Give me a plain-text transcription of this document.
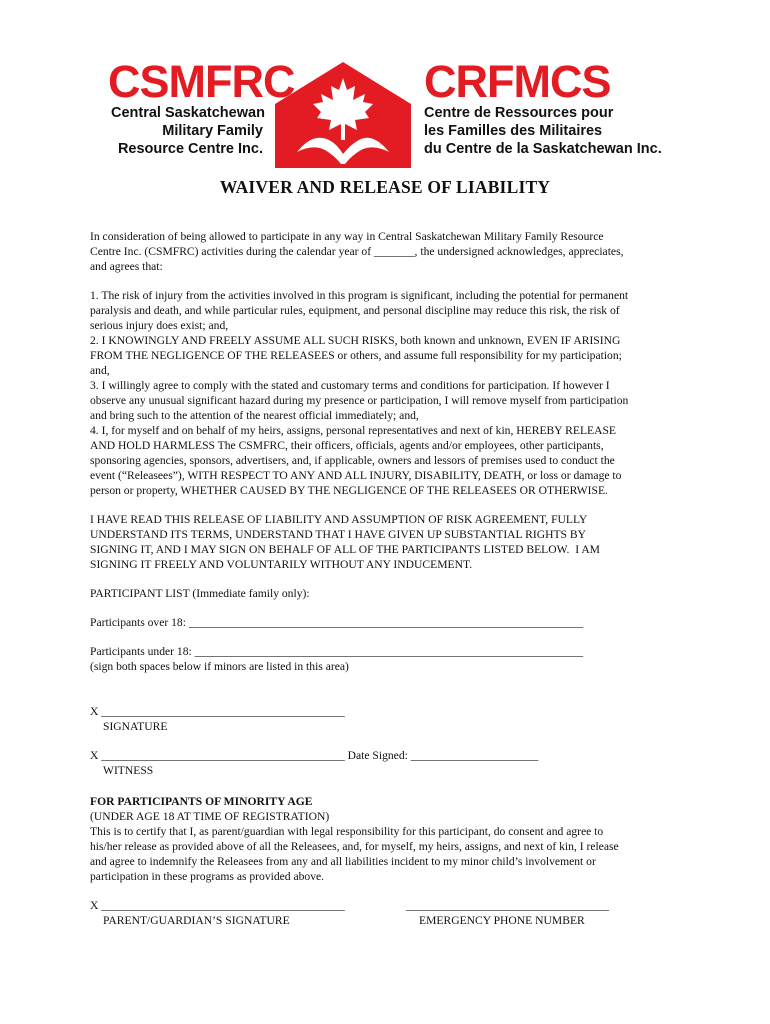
CSMFRC
Central Saskatchewan
Military Family
Resource Centre Inc.
CRFMCS
Centre de Ressources pour
les Familles des Militaires
du Centre de la Saskatchewan Inc.
WAIVER AND RELEASE OF LIABILITY

In consideration of being allowed to participate in any way in Central Saskatchewan Military Family Resource
Centre Inc. (CSMFRC) activities during the calendar year of _______, the undersigned acknowledges, appreciates,
and agrees that:

1. The risk of injury from the activities involved in this program is significant, including the potential for permanent
paralysis and death, and while particular rules, equipment, and personal discipline may reduce this risk, the risk of
serious injury does exist; and,
2. I KNOWINGLY AND FREELY ASSUME ALL SUCH RISKS, both known and unknown, EVEN IF ARISING
FROM THE NEGLIGENCE OF THE RELEASEES or others, and assume full responsibility for my participation;
and,
3. I willingly agree to comply with the stated and customary terms and conditions for participation. If however I
observe any unusual significant hazard during my presence or participation, I will remove myself from participation
and bring such to the attention of the nearest official immediately; and,
4. I, for myself and on behalf of my heirs, assigns, personal representatives and next of kin, HEREBY RELEASE
AND HOLD HARMLESS The CSMFRC, their officers, officials, agents and/or employees, other participants,
sponsoring agencies, sponsors, advertisers, and, if applicable, owners and lessors of premises used to conduct the
event (“Releasees”), WITH RESPECT TO ANY AND ALL INJURY, DISABILITY, DEATH, or loss or damage to
person or property, WHETHER CAUSED BY THE NEGLIGENCE OF THE RELEASEES OR OTHERWISE.

I HAVE READ THIS RELEASE OF LIABILITY AND ASSUMPTION OF RISK AGREEMENT, FULLY
UNDERSTAND ITS TERMS, UNDERSTAND THAT I HAVE GIVEN UP SUBSTANTIAL RIGHTS BY
SIGNING IT, AND I MAY SIGN ON BEHALF OF ALL OF THE PARTICIPANTS LISTED BELOW.  I AM
SIGNING IT FREELY AND VOLUNTARILY WITHOUT ANY INDUCEMENT.

PARTICIPANT LIST (Immediate family only):

Participants over 18: ____________________________________________________________________

Participants under 18: ___________________________________________________________________
(sign both spaces below if minors are listed in this area)

X __________________________________________
SIGNATURE

X __________________________________________ Date Signed: ______________________
WITNESS

FOR PARTICIPANTS OF MINORITY AGE
(UNDER AGE 18 AT TIME OF REGISTRATION)
This is to certify that I, as parent/guardian with legal responsibility for this participant, do consent and agree to
his/her release as provided above of all the Releasees, and, for myself, my heirs, assigns, and next of kin, I release
and agree to indemnify the Releasees from any and all liabilities incident to my minor child’s involvement or
participation in these programs as provided above.

X __________________________________________	___________________________________
PARENT/GUARDIAN’S SIGNATURE	EMERGENCY PHONE NUMBER
